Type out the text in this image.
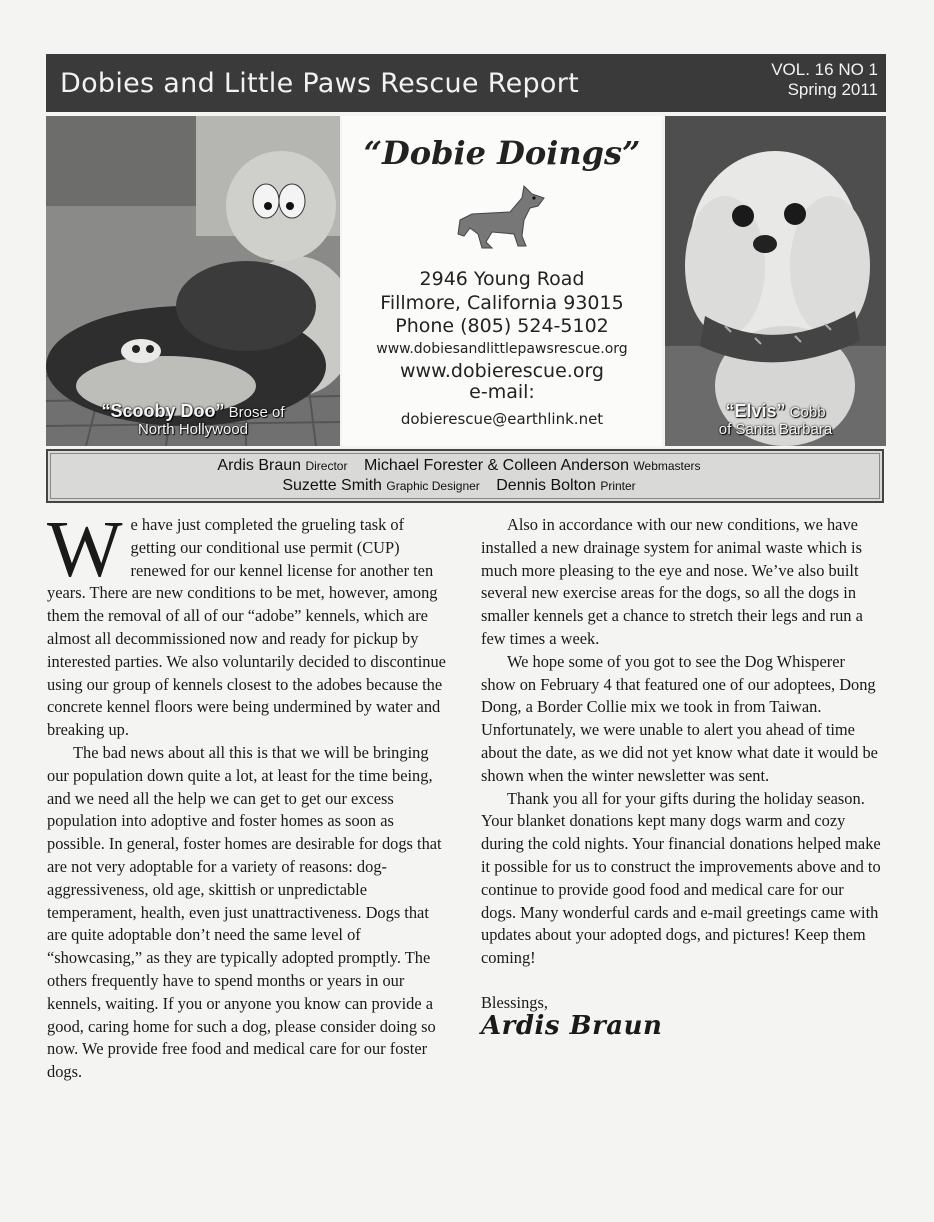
Dobies and Little Paws Rescue Report	VOL. 16 NO 1
Spring 2011
“Scooby Doo” Brose of
North Hollywood
“Dobie Doings”
2946 Young Road
Fillmore, California 93015
Phone (805) 524-5102
www.dobiesandlittlepawsrescue.org
www.dobierescue.org
e-mail:
dobierescue@earthlink.net	“Elvis” Cobb
of Santa Barbara
Ardis Braun Director Michael Forester & Colleen Anderson Webmasters
Suzette Smith Graphic Designer Dennis Bolton Printer

We have just completed the grueling task of getting our conditional use permit (CUP) renewed for our kennel license for another ten years. There are new conditions to be met, however, among them the removal of all of our “adobe” kennels, which are almost all decommissioned now and ready for pickup by interested parties. We also voluntarily decided to discontinue using our group of kennels closest to the adobes because the concrete kennel floors were being undermined by water and breaking up.

The bad news about all this is that we will be bringing our population down quite a lot, at least for the time being, and we need all the help we can get to get our excess population into adoptive and foster homes as soon as possible. In general, foster homes are desirable for dogs that are not very adoptable for a variety of reasons: dog-aggressiveness, old age, skittish or unpredictable temperament, health, even just unattractiveness. Dogs that are quite adoptable don’t need the same level of “showcasing,” as they are typically adopted promptly. The others frequently have to spend months or years in our kennels, waiting. If you or anyone you know can provide a good, caring home for such a dog, please consider doing so now. We provide free food and medical care for our foster dogs.

Also in accordance with our new conditions, we have installed a new drainage system for animal waste which is much more pleasing to the eye and nose. We’ve also built several new exercise areas for the dogs, so all the dogs in smaller kennels get a chance to stretch their legs and run a few times a week.

We hope some of you got to see the Dog Whisperer show on February 4 that featured one of our adoptees, Dong Dong, a Border Collie mix we took in from Taiwan. Unfortunately, we were unable to alert you ahead of time about the date, as we did not yet know what date it would be shown when the winter newsletter was sent.

Thank you all for your gifts during the holiday season. Your blanket donations kept many dogs warm and cozy during the cold nights. Your financial donations helped make it possible for us to construct the improvements above and to continue to provide good food and medical care for our dogs. Many wonderful cards and e-mail greetings came with updates about your adopted dogs, and pictures! Keep them coming!

Blessings,

Ardis Braun
